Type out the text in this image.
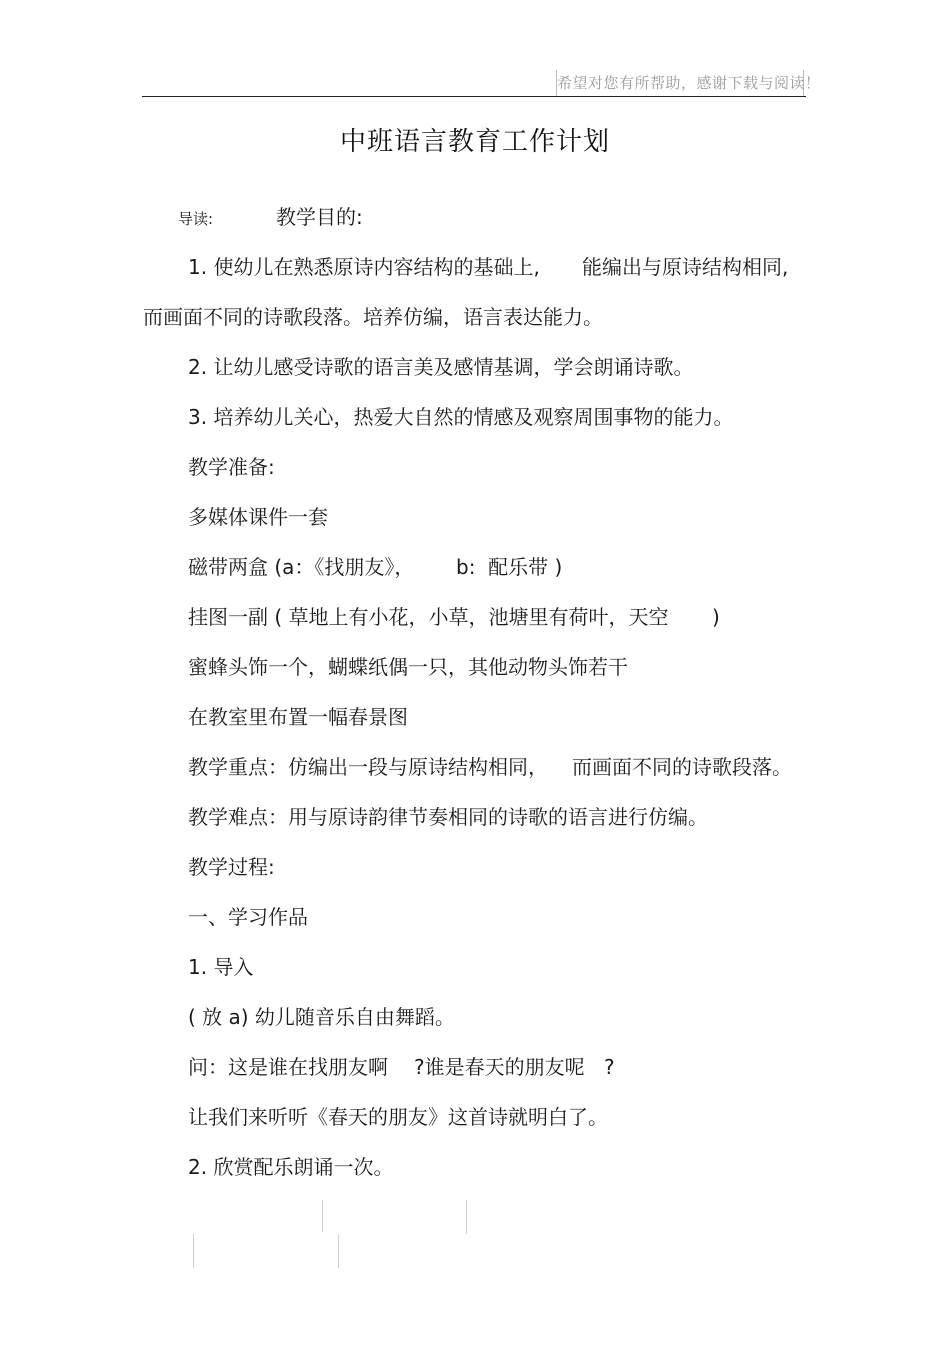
希望对您有所帮助，感谢下载与阅读！
中班语言教育工作计划
导读:	教学目的:
1. 使幼儿在熟悉原诗内容结构的基础上, 能编出与原诗结构相同,
而画面不同的诗歌段落。培养仿编，语言表达能力。
2. 让幼儿感受诗歌的语言美及感情基调，学会朗诵诗歌。
3. 培养幼儿关心，热爱大自然的情感及观察周围事物的能力。
教学准备:
多媒体课件一套
磁带两盒 (a：《找朋友》， b:  配乐带 )
挂图一副 ( 草地上有小花，小草，池塘里有荷叶，天空 )
蜜蜂头饰一个，蝴蝶纸偶一只，其他动物头饰若干
在教室里布置一幅春景图
教学重点：仿编出一段与原诗结构相同， 而画面不同的诗歌段落。
教学难点：用与原诗韵律节奏相同的诗歌的语言进行仿编。
教学过程:
一、学习作品
1. 导入
( 放 a) 幼儿随音乐自由舞蹈。
问：这是谁在找朋友啊 ?谁是春天的朋友呢 ?
让我们来听听《春天的朋友》这首诗就明白了。
2. 欣赏配乐朗诵一次。
